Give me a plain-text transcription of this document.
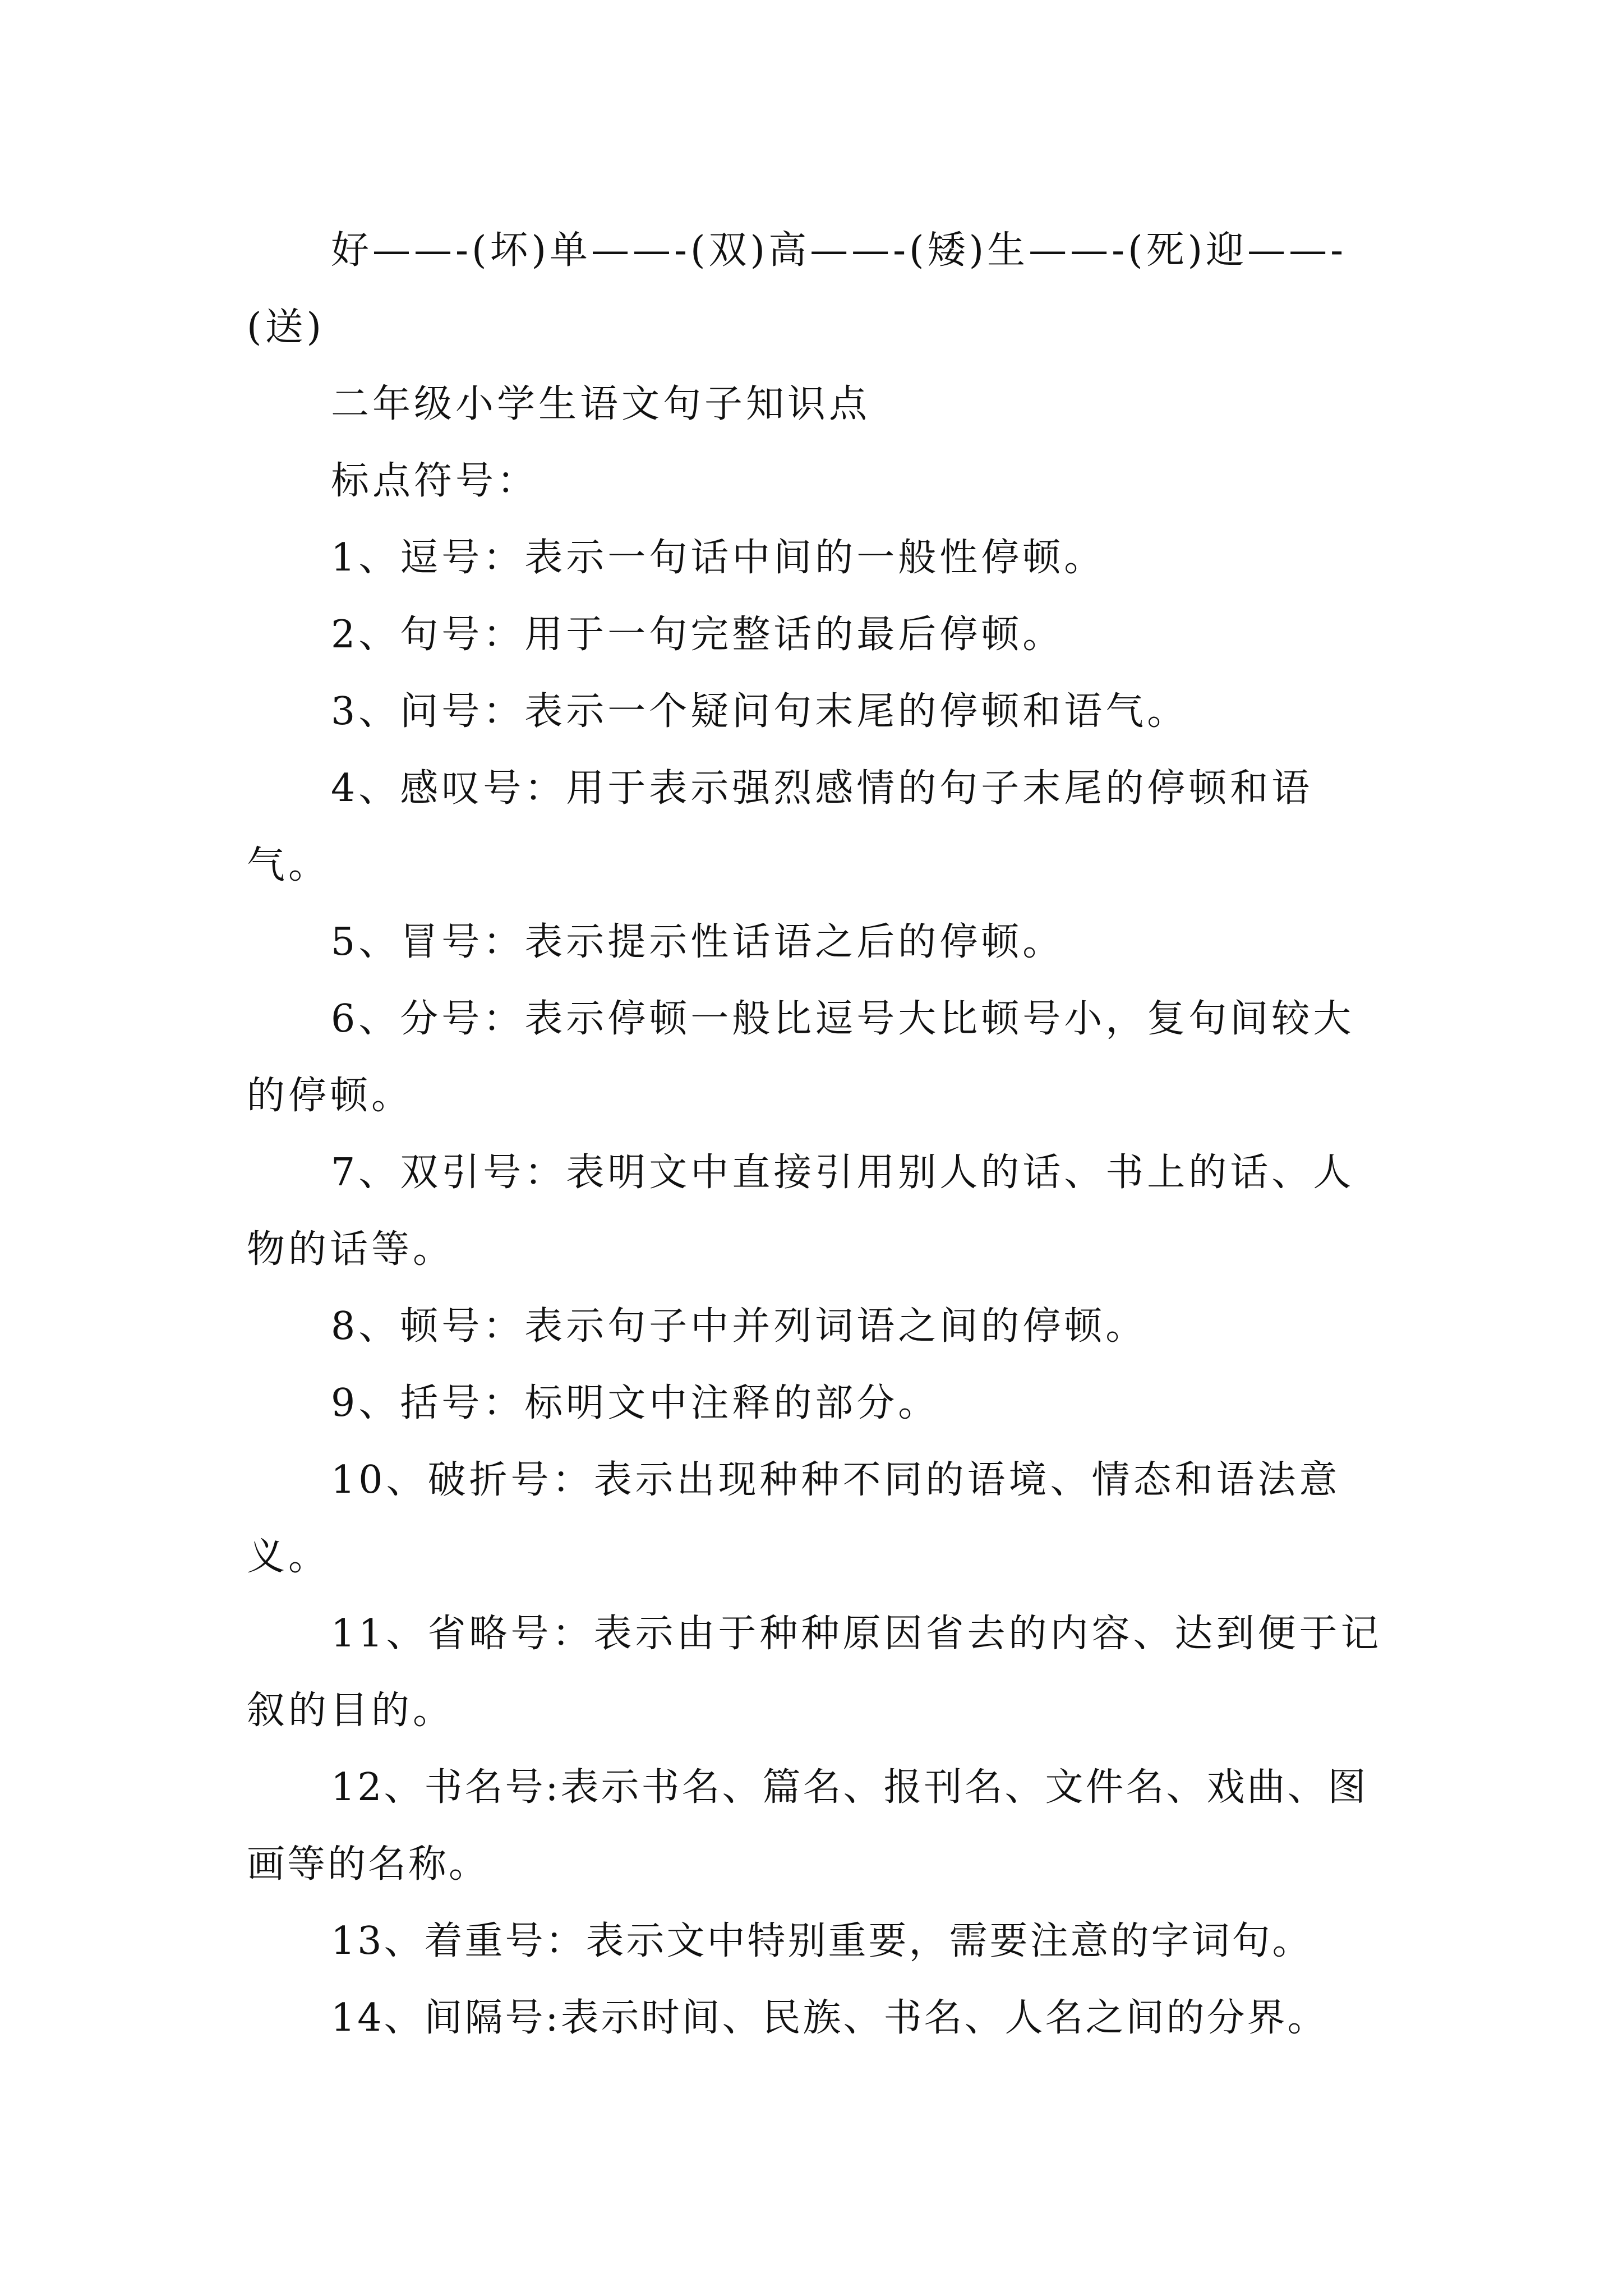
好——-(坏)单——-(双)高——-(矮)生——-(死)迎——-(送)

二年级小学生语文句子知识点

标点符号：

1、逗号：表示一句话中间的一般性停顿。

2、句号：用于一句完整话的最后停顿。

3、问号：表示一个疑问句末尾的停顿和语气。

4、感叹号：用于表示强烈感情的句子末尾的停顿和语气。

5、冒号：表示提示性话语之后的停顿。

6、分号：表示停顿一般比逗号大比顿号小，复句间较大的停顿。

7、双引号：表明文中直接引用别人的话、书上的话、人物的话等。

8、顿号：表示句子中并列词语之间的停顿。

9、括号：标明文中注释的部分。

10、破折号：表示出现种种不同的语境、情态和语法意义。

11、省略号：表示由于种种原因省去的内容、达到便于记叙的目的。

12、书名号:表示书名、篇名、报刊名、文件名、戏曲、图画等的名称。

13、着重号：表示文中特别重要，需要注意的字词句。

14、间隔号:表示时间、民族、书名、人名之间的分界。
